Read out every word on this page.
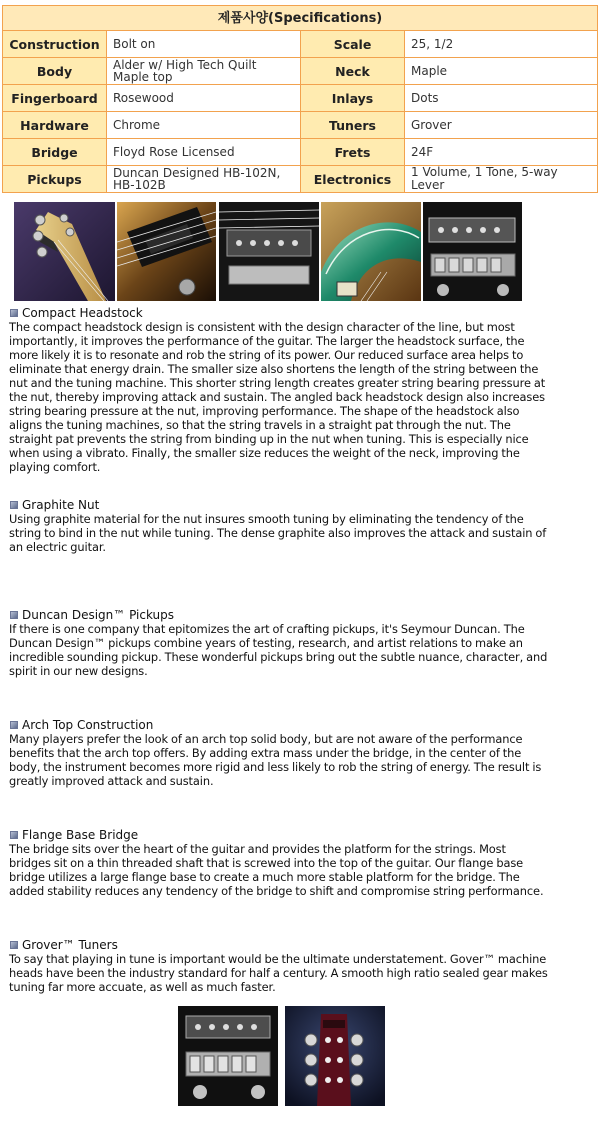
제품사양(Specifications)			
Construction	Bolt on	Scale	25, 1/2
Body	Alder w/ High Tech Quilt Maple top	Neck	Maple
Fingerboard	Rosewood	Inlays	Dots
Hardware	Chrome	Tuners	Grover
Bridge	Floyd Rose Licensed	Frets	24F
Pickups	Duncan Designed HB-102N, HB-102B	Electronics	1 Volume, 1 Tone, 5-way Lever
Compact Headstock

The compact headstock design is consistent with the design character of the line, but most importantly, it improves the performance of the guitar. The larger the headstock surface, the more likely it is to resonate and rob the string of its power. Our reduced surface area helps to eliminate that energy drain. The smaller size also shortens the length of the string between the nut and the tuning machine. This shorter string length creates greater string bearing pressure at the nut, thereby improving attack and sustain. The angled back headstock design also increases string bearing pressure at the nut, improving performance. The shape of the headstock also aligns the tuning machines, so that the string travels in a straight pat through the nut. The straight pat prevents the string from binding up in the nut when tuning. This is especially nice when using a vibrato. Finally, the smaller size reduces the weight of the neck, improving the playing comfort.

Graphite Nut

Using graphite material for the nut insures smooth tuning by eliminating the tendency of the string to bind in the nut while tuning. The dense graphite also improves the attack and sustain of an electric guitar.

Duncan Design™ Pickups

If there is one company that epitomizes the art of crafting pickups, it's Seymour Duncan. The Duncan Design™ pickups combine years of testing, research, and artist relations to make an incredible sounding pickup. These wonderful pickups bring out the subtle nuance, character, and spirit in our new designs.

Arch Top Construction

Many players prefer the look of an arch top solid body, but are not aware of the performance benefits that the arch top offers. By adding extra mass under the bridge, in the center of the body, the instrument becomes more rigid and less likely to rob the string of energy. The result is greatly improved attack and sustain.

Flange Base Bridge

The bridge sits over the heart of the guitar and provides the platform for the strings. Most bridges sit on a thin threaded shaft that is screwed into the top of the guitar. Our flange base bridge utilizes a large flange base to create a much more stable platform for the bridge. The added stability reduces any tendency of the bridge to shift and compromise string performance.

Grover™ Tuners

To say that playing in tune is important would be the ultimate understatement. Gover™ machine heads have been the industry standard for half a century. A smooth high ratio sealed gear makes tuning far more accuate, as well as much faster.
